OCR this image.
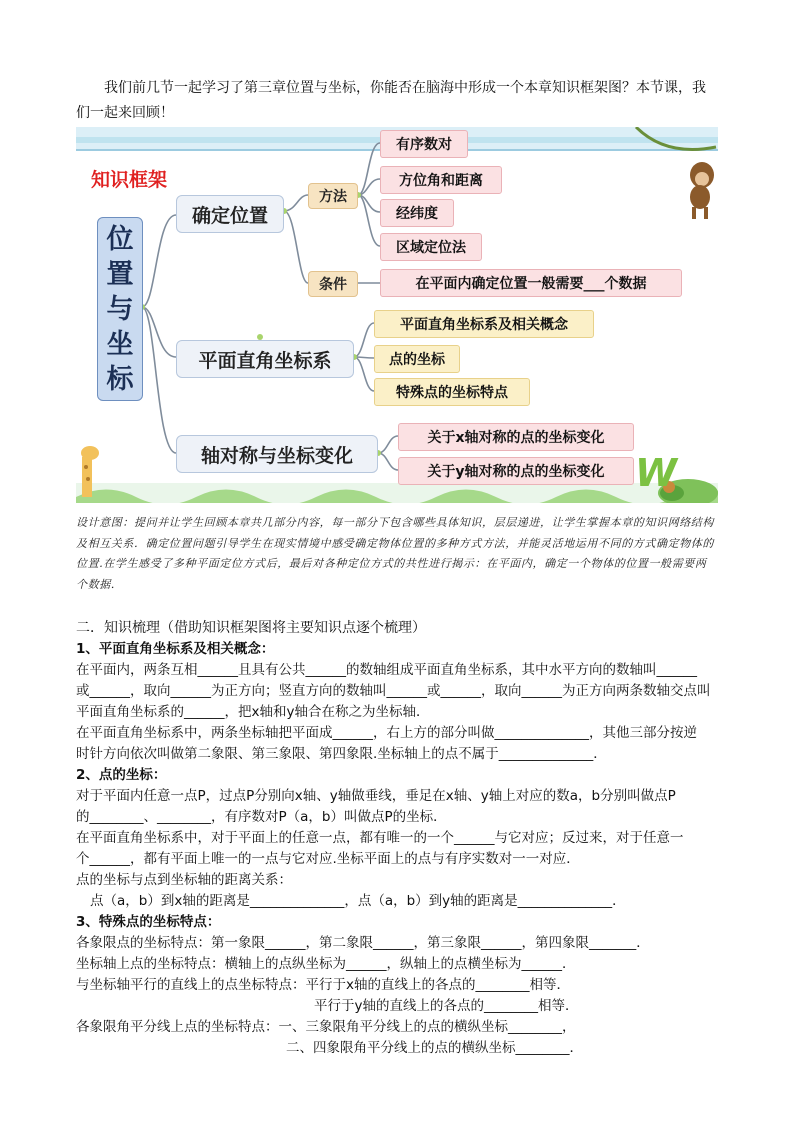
我们前几节一起学习了第三章位置与坐标，你能否在脑海中形成一个本章知识框架图？本节课，我们一起来回顾！
知识框架
位
置
与
坐
标
确定位置
方法
有序数对
方位角和距离
经纬度
区域定位法
条件	在平面内确定位置一般需要___个数据
平面直角坐标系
平面直角坐标系及相关概念
点的坐标
特殊点的坐标特点
轴对称与坐标变化
关于x轴对称的点的坐标变化
关于y轴对称的点的坐标变化 W
设计意图：提问并让学生回顾本章共几部分内容，每一部分下包含哪些具体知识，层层递进，让学生掌握本章的知识网络结构及相互关系．确定位置问题引导学生在现实情境中感受确定物体位置的多种方式方法，并能灵活地运用不同的方式确定物体的位置.在学生感受了多种平面定位方式后，最后对各种定位方式的共性进行揭示：在平面内，确定一个物体的位置一般需要两个数据．
二．知识梳理（借助知识框架图将主要知识点逐个梳理）
1、平面直角坐标系及相关概念：
在平面内，两条互相______且具有公共______的数轴组成平面直角坐标系，其中水平方向的数轴叫______
或______，取向______为正方向；竖直方向的数轴叫______或______，取向______为正方向两条数轴交点叫
平面直角坐标系的______，把x轴和y轴合在称之为坐标轴．
在平面直角坐标系中，两条坐标轴把平面成______，右上方的部分叫做______________，其他三部分按逆
时针方向依次叫做第二象限、第三象限、第四象限.坐标轴上的点不属于______________．
2、点的坐标：
对于平面内任意一点P，过点P分别向x轴、y轴做垂线，垂足在x轴、y轴上对应的数a，b分别叫做点P
的________、________，有序数对P（a，b）叫做点P的坐标．
在平面直角坐标系中，对于平面上的任意一点，都有唯一的一个______与它对应；反过来，对于任意一
个______，都有平面上唯一的一点与它对应.坐标平面上的点与有序实数对一一对应．
点的坐标与点到坐标轴的距离关系：
点（a，b）到x轴的距离是______________，点（a，b）到y轴的距离是______________．
3、特殊点的坐标特点：
各象限点的坐标特点：第一象限______，第二象限______，第三象限______，第四象限_______．
坐标轴上点的坐标特点：横轴上的点纵坐标为______，纵轴上的点横坐标为______．
与坐标轴平行的直线上的点坐标特点：平行于x轴的直线上的各点的________相等．
平行于y轴的直线上的各点的________相等．
各象限角平分线上点的坐标特点：一、三象限角平分线上的点的横纵坐标________，
二、四象限角平分线上的点的横纵坐标________．
